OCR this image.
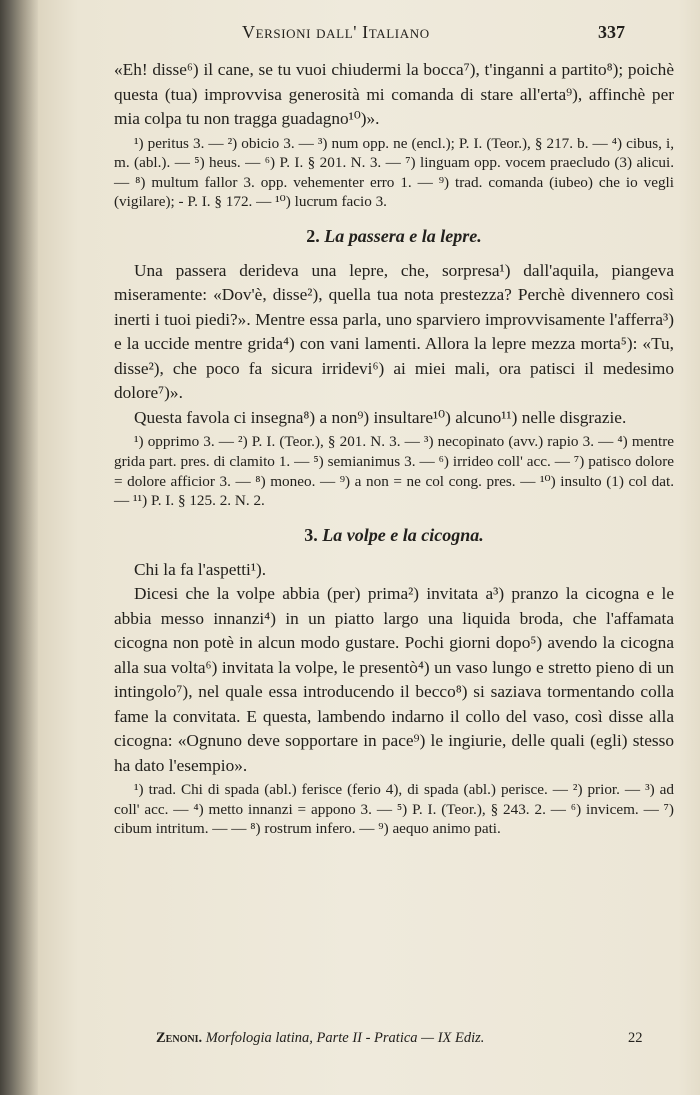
Versioni dall' Italiano	337

«Eh! disse⁶) il cane, se tu vuoi chiudermi la bocca⁷), t'inganni a partito⁸); poichè questa (tua) improvvisa generosità mi comanda di stare all'erta⁹), affinchè per mia colpa tu non tragga guadagno¹⁰)».

¹) peritus 3. — ²) obicio 3. — ³) num opp. ne (encl.); P. I. (Teor.), § 217. b. — ⁴) cibus, i, m. (abl.). — ⁵) heus. — ⁶) P. I. § 201. N. 3. — ⁷) linguam opp. vocem praecludo (3) alicui. — ⁸) multum fallor 3. opp. vehementer erro 1. — ⁹) trad. comanda (iubeo) che io vegli (vigilare); - P. I. § 172. — ¹⁰) lucrum facio 3.

2. La passera e la lepre.

Una passera derideva una lepre, che, sorpresa¹) dall'aquila, piangeva miseramente: «Dov'è, disse²), quella tua nota prestezza? Perchè divennero così inerti i tuoi piedi?». Mentre essa parla, uno sparviero improvvisamente l'afferra³) e la uccide mentre grida⁴) con vani lamenti. Allora la lepre mezza morta⁵): «Tu, disse²), che poco fa sicura irridevi⁶) ai miei mali, ora patisci il medesimo dolore⁷)».

Questa favola ci insegna⁸) a non⁹) insultare¹⁰) alcuno¹¹) nelle disgrazie.

¹) opprimo 3. — ²) P. I. (Teor.), § 201. N. 3. — ³) necopinato (avv.) rapio 3. — ⁴) mentre grida part. pres. di clamito 1. — ⁵) semianimus 3. — ⁶) irrideo coll' acc. — ⁷) patisco dolore = dolore afficior 3. — ⁸) moneo. — ⁹) a non = ne col cong. pres. — ¹⁰) insulto (1) col dat. — ¹¹) P. I. § 125. 2. N. 2.

3. La volpe e la cicogna.

Chi la fa l'aspetti¹).

Dicesi che la volpe abbia (per) prima²) invitata a³) pranzo la cicogna e le abbia messo innanzi⁴) in un piatto largo una liquida broda, che l'affamata cicogna non potè in alcun modo gustare. Pochi giorni dopo⁵) avendo la cicogna alla sua volta⁶) invitata la volpe, le presentò⁴) un vaso lungo e stretto pieno di un intingolo⁷), nel quale essa introducendo il becco⁸) si saziava tormentando colla fame la convitata. E questa, lambendo indarno il collo del vaso, così disse alla cicogna: «Ognuno deve sopportare in pace⁹) le ingiurie, delle quali (egli) stesso ha dato l'esempio».

¹) trad. Chi di spada (abl.) ferisce (ferio 4), di spada (abl.) perisce. — ²) prior. — ³) ad coll' acc. — ⁴) metto innanzi = appono 3. — ⁵) P. I. (Teor.), § 243. 2. — ⁶) invicem. — ⁷) cibum intritum. — — ⁸) rostrum infero. — ⁹) aequo animo pati.

Zenoni. Morfologia latina, Parte II - Pratica — IX Ediz.	22
